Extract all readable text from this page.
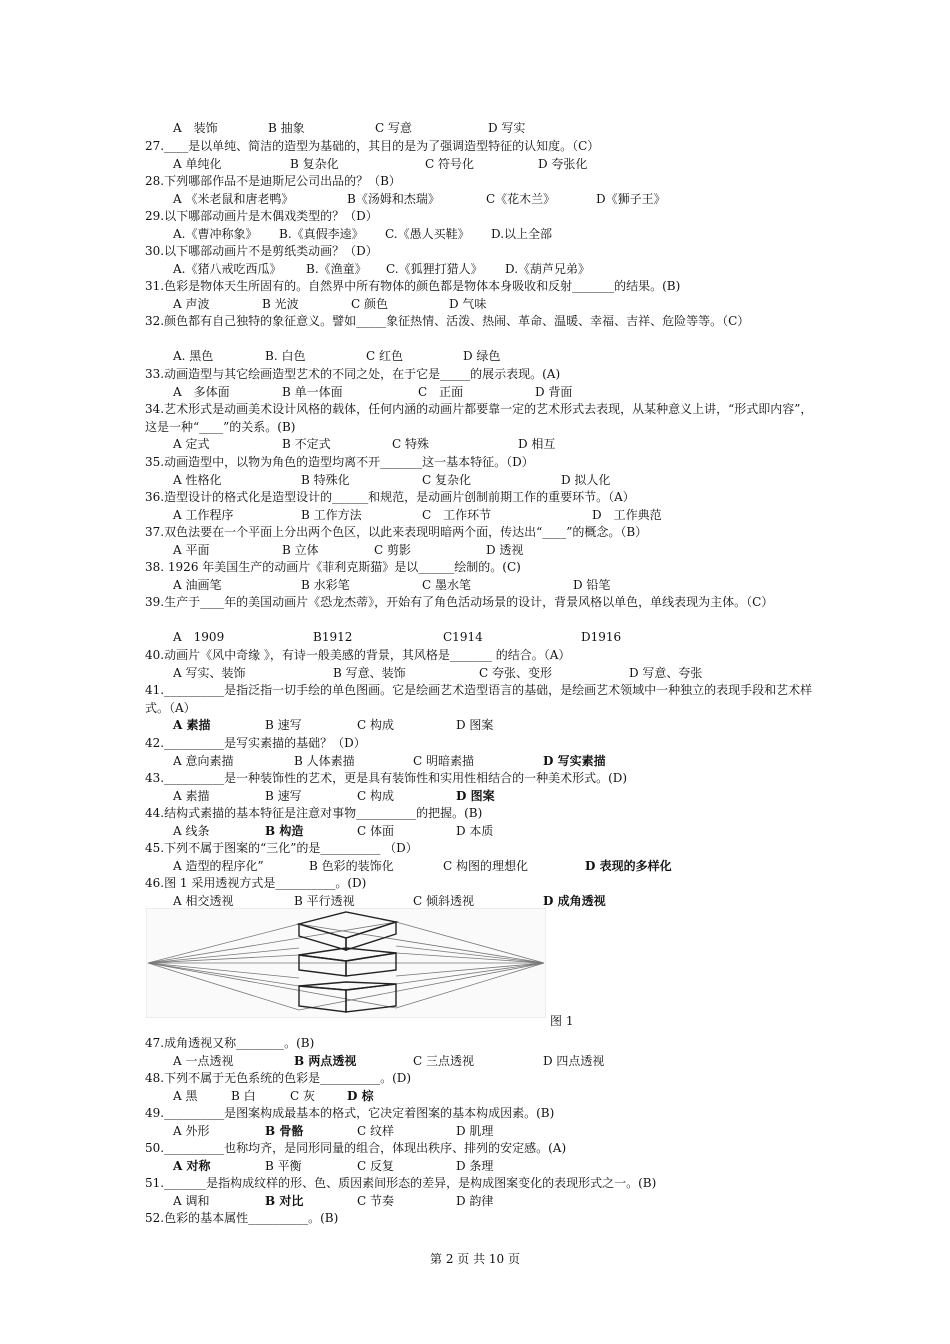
A　装饰	B 抽象	C 写意	D 写实
27.____是以单纯、简洁的造型为基础的，其目的是为了强调造型特征的认知度。（C）
A 单纯化	B 复杂化	C 符号化	D 夸张化
28.下列哪部作品不是迪斯尼公司出品的？（B）
A 《米老鼠和唐老鸭》	B《汤姆和杰瑞》	C《花木兰》	D《狮子王》
29.以下哪部动画片是木偶戏类型的？（D）
A.《曹冲称象》 B.《真假李逵》 C.《愚人买鞋》 D.以上全部
30.以下哪部动画片不是剪纸类动画？（D）
A.《猪八戒吃西瓜》 B.《渔童》 C.《狐狸打猎人》 D.《葫芦兄弟》
31.色彩是物体天生所固有的。自然界中所有物体的颜色都是物体本身吸收和反射_______的结果。(B)
A 声波	B 光波	C 颜色	D 气味
32.颜色都有自己独特的象征意义。譬如_____象征热情、活泼、热闹、革命、温暖、幸福、吉祥、危险等等。（C）
A. 黑色	B. 白色	C 红色	D 绿色
33.动画造型与其它绘画造型艺术的不同之处，在于它是_____的展示表现。(A)
A　多体面	B 单一体面	C　正面	D 背面
34.艺术形式是动画美术设计风格的载体，任何内涵的动画片都要靠一定的艺术形式去表现，从某种意义上讲，“形式即内容”，这是一种“____”的关系。(B)
A 定式	B 不定式	C 特殊	D 相互
35.动画造型中，以物为角色的造型均离不开_______这一基本特征。（D）
A 性格化	B 特殊化	C 复杂化	D 拟人化
36.造型设计的格式化是造型设计的______和规范，是动画片创制前期工作的重要环节。（A）
A 工作程序	B 工作方法	C　工作环节	D　工作典范
37.双色法要在一个平面上分出两个色区，以此来表现明暗两个面，传达出“____”的概念。（B）
A 平面	B 立体	C 剪影	D 透视
38. 1926 年美国生产的动画片《菲利克斯猫》是以______绘制的。(C)
A 油画笔	B 水彩笔	C 墨水笔	D 铅笔
39.生产于____年的美国动画片《恐龙杰蒂》，开始有了角色活动场景的设计，背景风格以单色，单线表现为主体。（C）
A　1909	B1912	C1914	D1916
40.动画片《风中奇缘 》，有诗一般美感的背景，其风格是_______ 的结合。（A）
A 写实、装饰	B 写意、装饰	C 夸张、变形	D 写意、夸张
41.__________是指泛指一切手绘的单色图画。它是绘画艺术造型语言的基础，是绘画艺术领域中一种独立的表现手段和艺术样式。（A）
A 素描	B 速写	C 构成	D 图案
42.__________是写实素描的基础？（D）
A 意向素描	B 人体素描	C 明暗素描	D 写实素描
43.__________是一种装饰性的艺术，更是具有装饰性和实用性相结合的一种美术形式。(D)
A 素描	B 速写	C 构成	D 图案
44.结构式素描的基本特征是注意对事物__________的把握。(B)
A 线条	B 构造	C 体面	D 本质
45.下列不属于图案的“三化”的是__________ （D）
A 造型的程序化”	B 色彩的装饰化	C 构图的理想化	D 表现的多样化
46.图 1 采用透视方式是__________。(D)
A 相交透视	B 平行透视	C 倾斜透视	D 成角透视
47.成角透视又称________。(B)
A 一点透视	B 两点透视	C 三点透视	D 四点透视
48.下列不属于无色系统的色彩是__________。(D)
A 黑	B 白	C 灰	D 棕
49.__________是图案构成最基本的格式，它决定着图案的基本构成因素。(B)
A 外形	B 骨骼	C 纹样	D 肌理
50.__________也称均齐，是同形同量的组合，体现出秩序、排列的安定感。(A)
A 对称	B 平衡	C 反复	D 条理
51._______是指构成纹样的形、色、质因素间形态的差异，是构成图案变化的表现形式之一。(B)
A 调和	B 对比	C 节奏	D 韵律
52.色彩的基本属性__________。(B)
图 1
第 2 页 共 10 页
